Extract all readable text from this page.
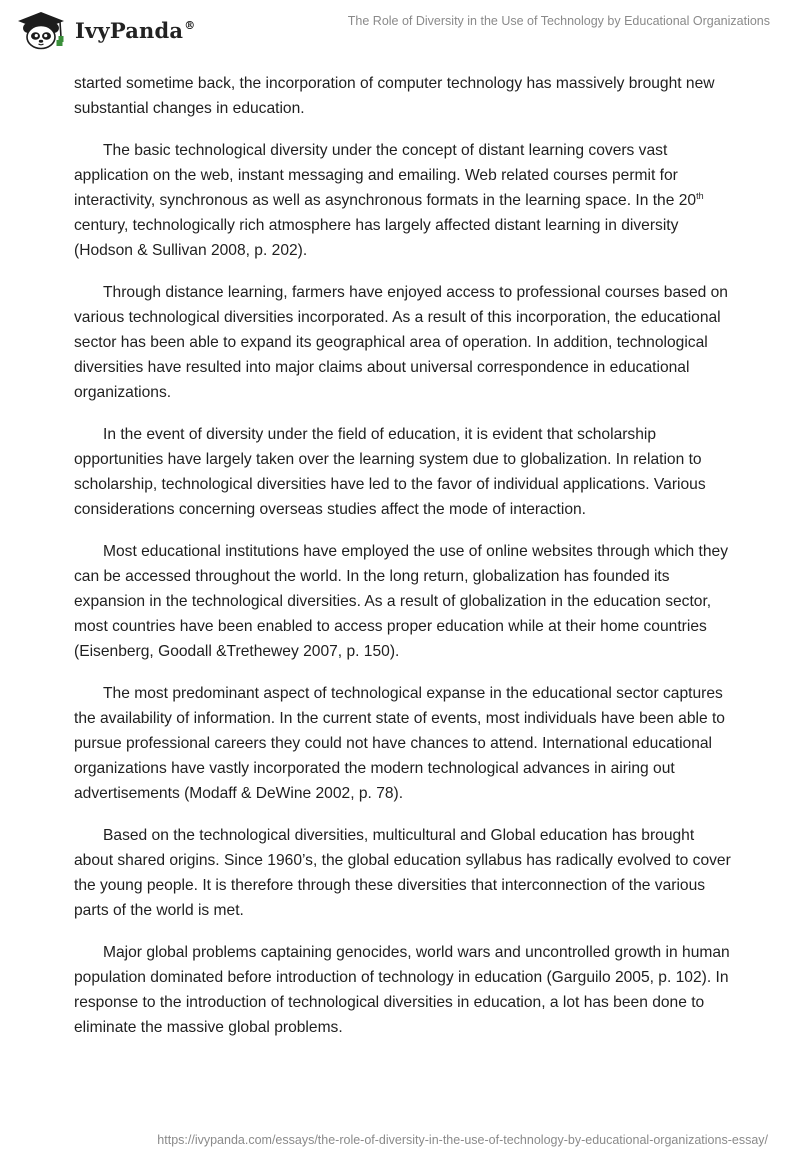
IvyPanda®	The Role of Diversity in the Use of Technology by Educational Organizations

started sometime back, the incorporation of computer technology has massively brought new substantial changes in education.

The basic technological diversity under the concept of distant learning covers vast application on the web, instant messaging and emailing. Web related courses permit for interactivity, synchronous as well as asynchronous formats in the learning space. In the 20th century, technologically rich atmosphere has largely affected distant learning in diversity (Hodson & Sullivan 2008, p. 202).

Through distance learning, farmers have enjoyed access to professional courses based on various technological diversities incorporated. As a result of this incorporation, the educational sector has been able to expand its geographical area of operation. In addition, technological diversities have resulted into major claims about universal correspondence in educational organizations.

In the event of diversity under the field of education, it is evident that scholarship opportunities have largely taken over the learning system due to globalization. In relation to scholarship, technological diversities have led to the favor of individual applications. Various considerations concerning overseas studies affect the mode of interaction.

Most educational institutions have employed the use of online websites through which they can be accessed throughout the world. In the long return, globalization has founded its expansion in the technological diversities. As a result of globalization in the education sector, most countries have been enabled to access proper education while at their home countries (Eisenberg, Goodall &Trethewey 2007, p. 150).

The most predominant aspect of technological expanse in the educational sector captures the availability of information. In the current state of events, most individuals have been able to pursue professional careers they could not have chances to attend. International educational organizations have vastly incorporated the modern technological advances in airing out advertisements (Modaff & DeWine 2002, p. 78).

Based on the technological diversities, multicultural and Global education has brought about shared origins. Since 1960’s, the global education syllabus has radically evolved to cover the young people. It is therefore through these diversities that interconnection of the various parts of the world is met.

Major global problems captaining genocides, world wars and uncontrolled growth in human population dominated before introduction of technology in education (Garguilo 2005, p. 102). In response to the introduction of technological diversities in education, a lot has been done to eliminate the massive global problems.

https://ivypanda.com/essays/the-role-of-diversity-in-the-use-of-technology-by-educational-organizations-essay/
